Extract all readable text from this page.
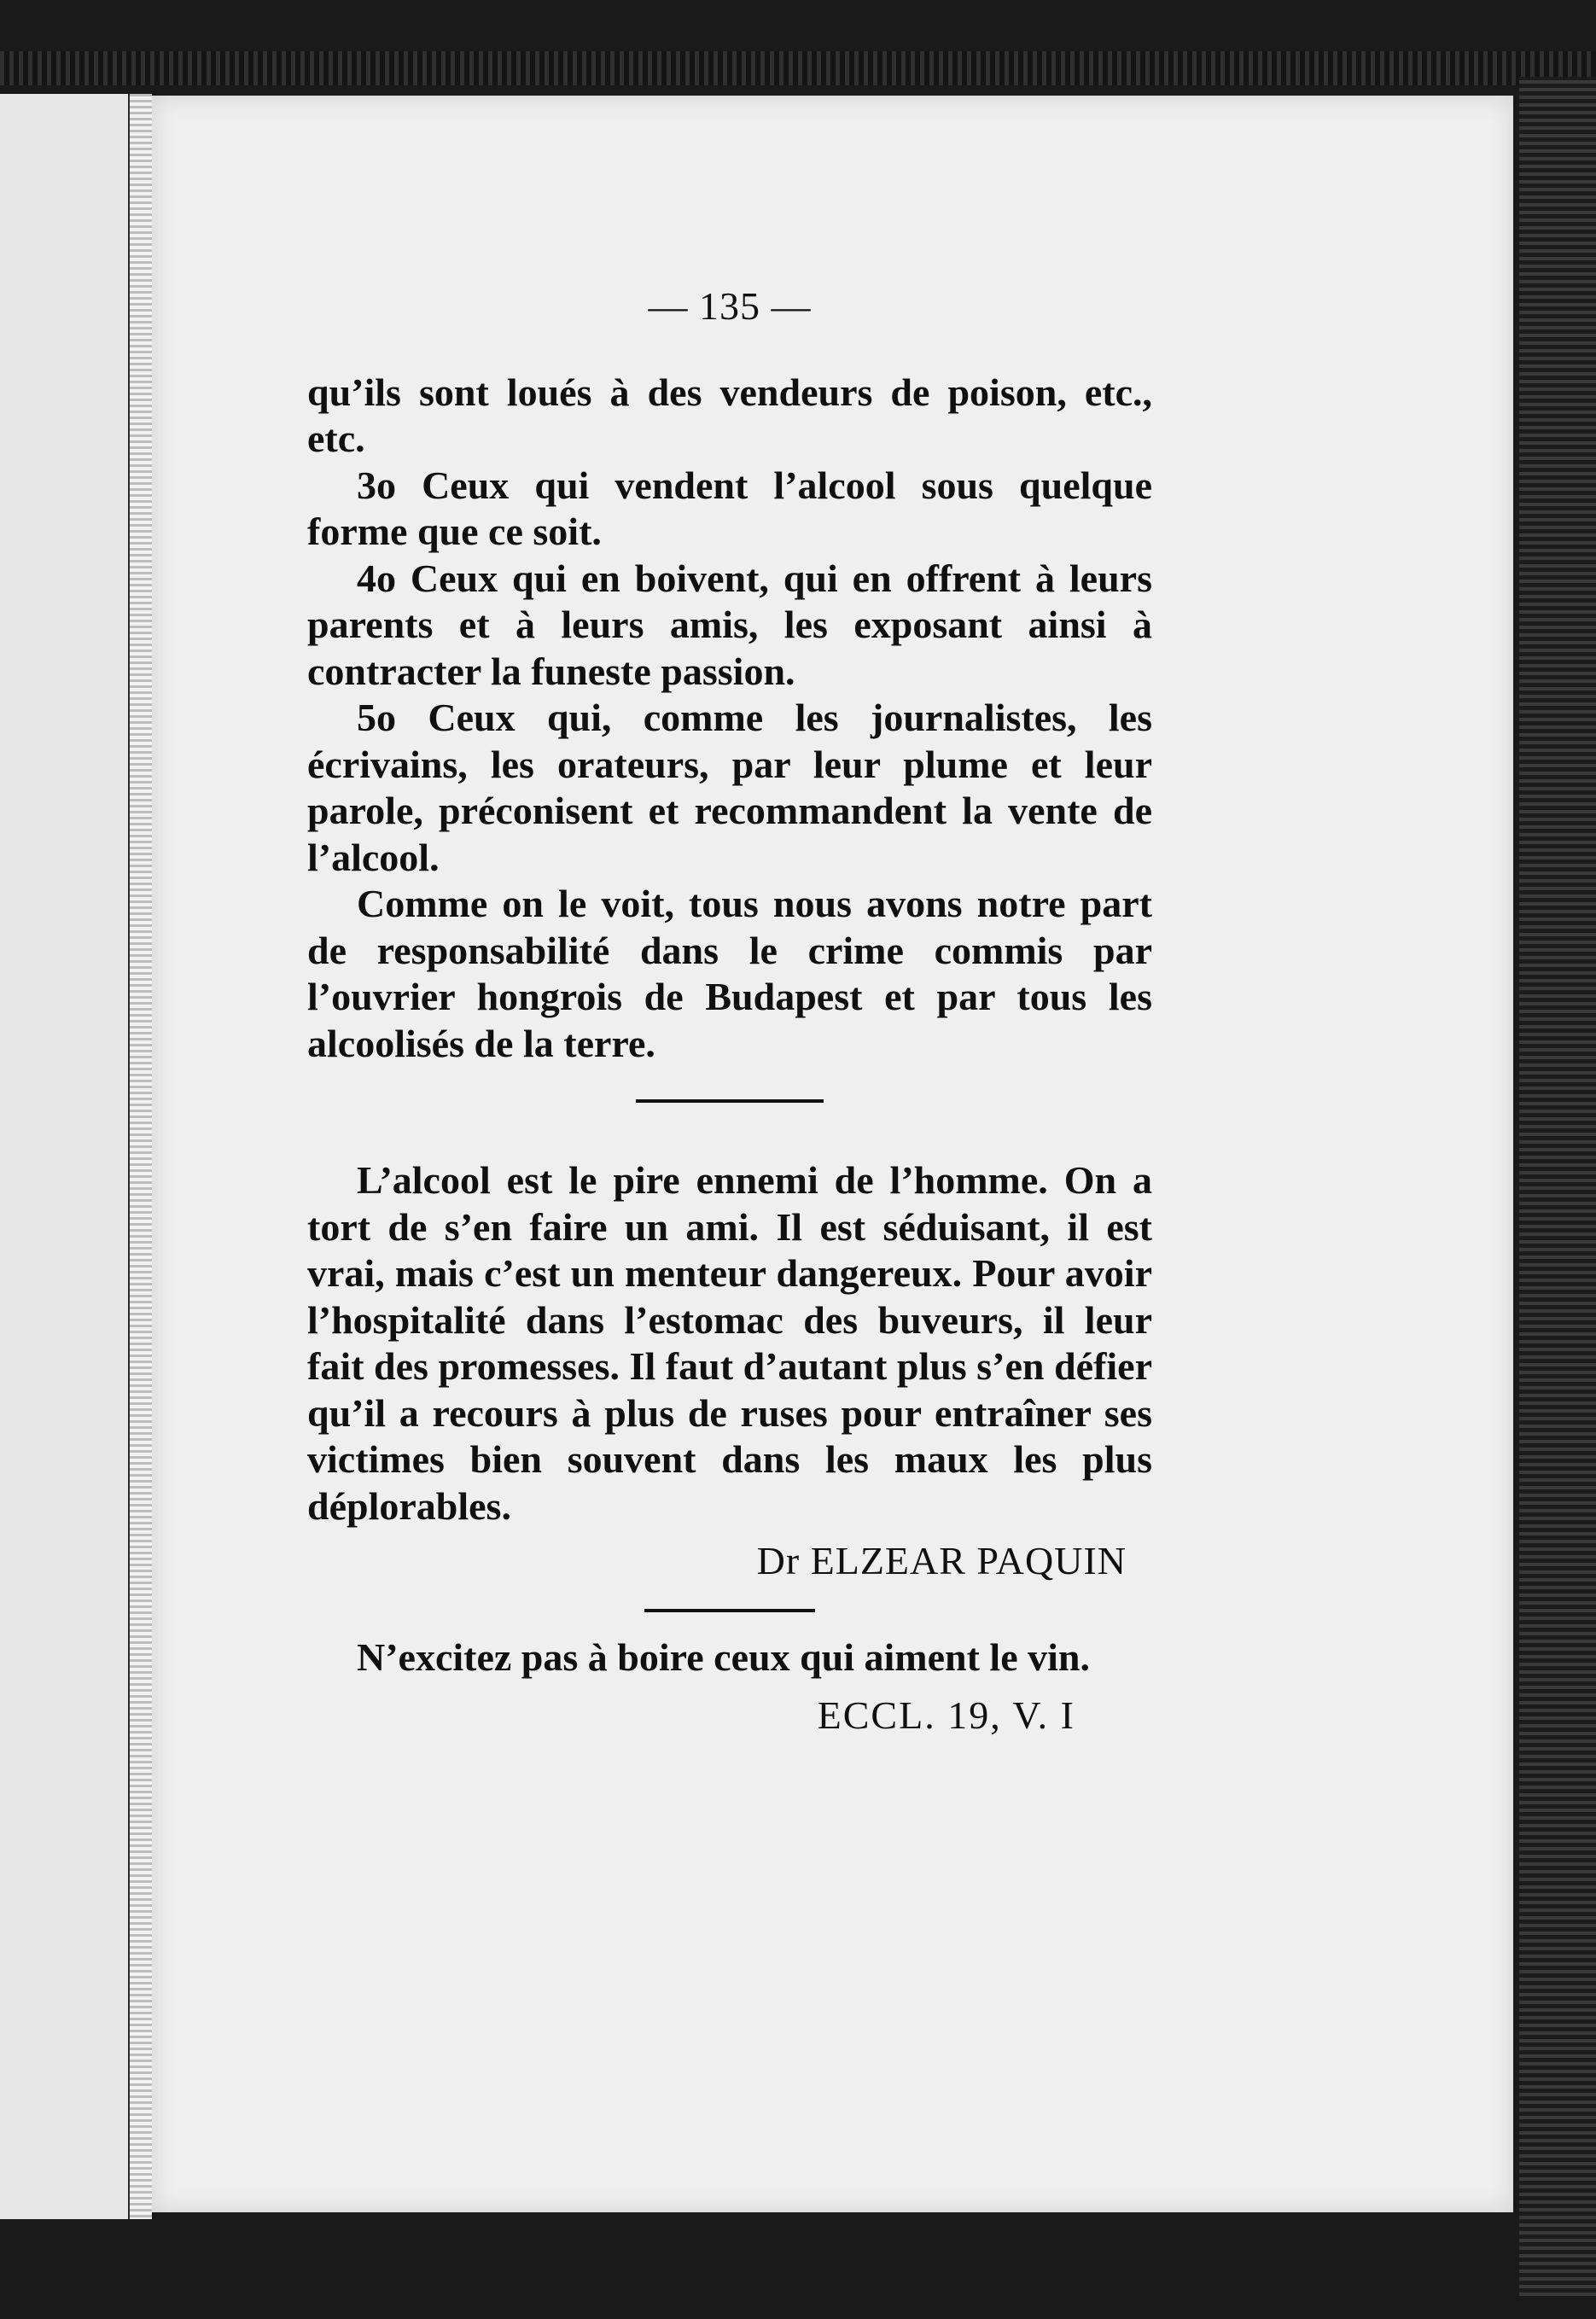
— 135 —

qu’ils sont loués à des vendeurs de poison, etc., etc.

3o Ceux qui vendent l’alcool sous quelque forme que ce soit.

4o Ceux qui en boivent, qui en offrent à leurs parents et à leurs amis, les exposant ainsi à contracter la funeste passion.

5o Ceux qui, comme les journalistes, les écrivains, les orateurs, par leur plume et leur parole, préconisent et recommandent la vente de l’alcool.

Comme on le voit, tous nous avons notre part de responsabilité dans le crime commis par l’ouvrier hongrois de Budapest et par tous les alcoolisés de la terre.

L’alcool est le pire ennemi de l’homme. On a tort de s’en faire un ami. Il est séduisant, il est vrai, mais c’est un menteur dangereux. Pour avoir l’hospitalité dans l’estomac des buveurs, il leur fait des promesses. Il faut d’autant plus s’en défier qu’il a recours à plus de ruses pour entraîner ses victimes bien souvent dans les maux les plus déplorables.

Dr ELZEAR PAQUIN

N’excitez pas à boire ceux qui aiment le vin.

ECCL. 19, V. I
